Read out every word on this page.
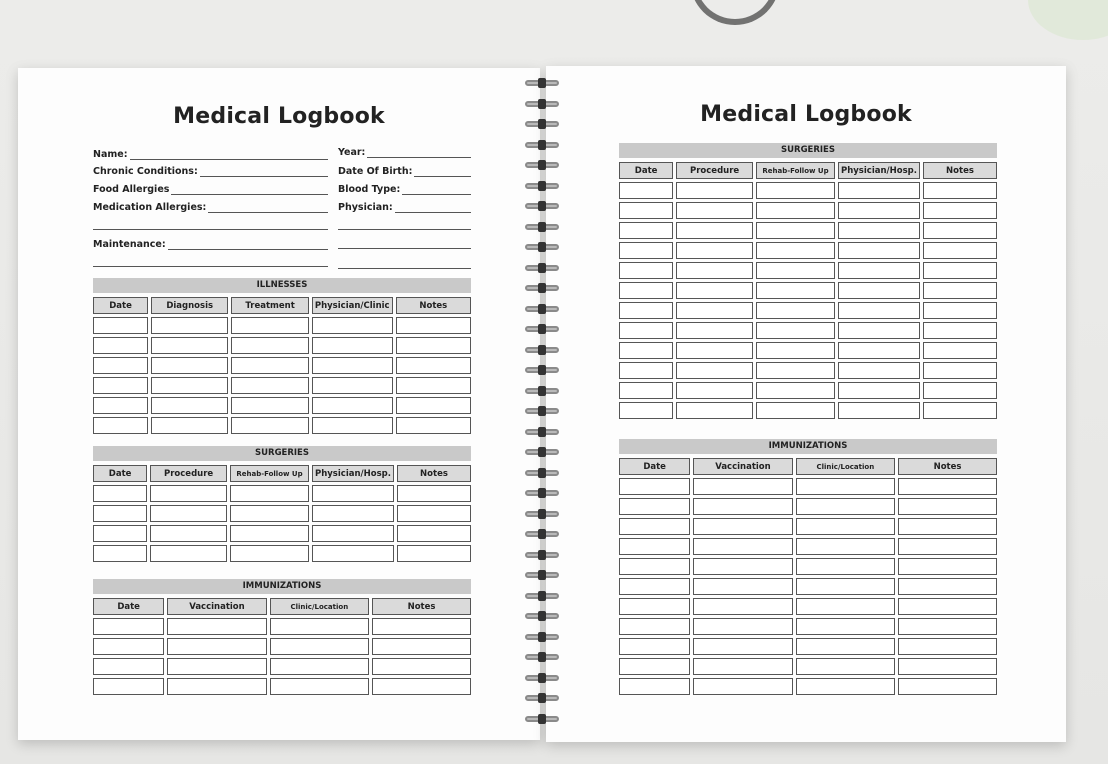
Medical Logbook
Name:	Year:
Chronic Conditions:	Date Of Birth:
Food Allergies	Blood Type:
Medication Allergies:	Physician:
Maintenance:
ILLNESSES
Date	Diagnosis	Treatment	Physician/Clinic	Notes

SURGERIES
Date	Procedure	Rehab-Follow Up	Physician/Hosp.	Notes

IMMUNIZATIONS
Date	Vaccination	Clinic/Location	Notes

Medical Logbook
SURGERIES
Date	Procedure	Rehab-Follow Up	Physician/Hosp.	Notes

IMMUNIZATIONS
Date	Vaccination	Clinic/Location	Notes
